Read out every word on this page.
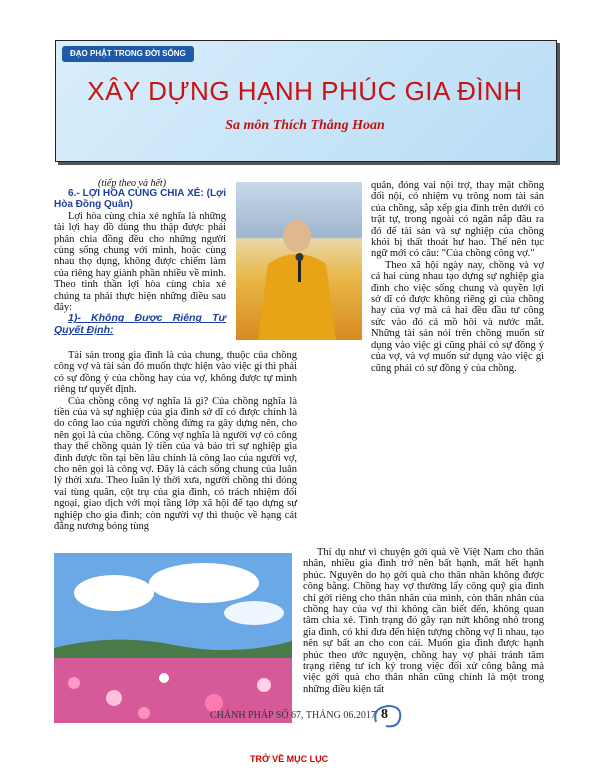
ĐẠO PHẬT TRONG ĐỜI SỐNG
XÂY DỰNG HẠNH PHÚC GIA ĐÌNH
Sa môn Thích Thắng Hoan
(tiếp theo và hết)

6.- LỢI HÒA CÙNG CHIA XẺ: (Lợi Hòa Đồng Quân)

Lợi hòa cùng chia xẻ nghĩa là những tài lợi hay đồ dùng thu thập được phải phân chia đồng đều cho những người cùng sống chung với mình, hoặc cùng nhau thọ dụng, không được chiếm làm của riêng hay giành phần nhiều về mình. Theo tinh thần lợi hòa cùng chia xẻ chúng ta phải thực hiện những điều sau đây:

1)- Không Được Riêng Tư Quyết Định:

Tài sản trong gia đình là của chung, thuộc của chồng công vợ và tài sản đó muốn thực hiện vào việc gì thì phải có sự đồng ý của chồng hay của vợ, không được tự mình riêng tư quyết định.

Của chồng công vợ nghĩa là gì? Của chồng nghĩa là tiền của và sự nghiệp của gia đình sở dĩ có được chính là do công lao của người chồng đứng ra gây dựng nên, cho nên gọi là của chồng. Công vợ nghĩa là người vợ có công thay thế chồng quản lý tiền của và bảo trì sự nghiệp gia đình được tồn tại bền lâu chính là công lao của người vợ, cho nên gọi là công vợ. Đây là cách sống chung của luân lý thời xưa. Theo luân lý thời xưa, người chồng thì đóng vai tùng quân, cột trụ của gia đình, có trách nhiệm đối ngoại, giao dịch với mọi tầng lớp xã hội để tạo dựng sự nghiệp cho gia đình; còn người vợ thì thuộc về hạng cát đằng nương bóng tùng

quân, đóng vai nội trợ, thay mặt chồng đối nội, có nhiệm vụ trông nom tài sản của chồng, sắp xếp gia đình trên dưới có trật tự, trong ngoài có ngăn nắp đâu ra đó để tài sản và sự nghiệp của chồng khỏi bị thất thoát hư hao. Thế nên tục ngữ mới có câu: "Của chồng công vợ."

Theo xã hội ngày nay, chồng và vợ cả hai cùng nhau tạo dựng sự nghiệp gia đình cho việc sống chung và quyền lợi sở dĩ có được không riêng gì của chồng hay của vợ mà cả hai đều đầu tư công sức vào đó cả mồ hôi và nước mắt. Những tài sản nói trên chồng muốn sử dụng vào việc gì cũng phải có sự đồng ý của vợ, và vợ muốn sử dụng vào việc gì cũng phải có sự đồng ý của chồng.

Thí dụ như vì chuyện gởi quà về Việt Nam cho thân nhân, nhiều gia đình trở nên bất hạnh, mất hết hạnh phúc. Nguyên do họ gởi quà cho thân nhân không được công bằng. Chồng hay vợ thường lấy công quỹ gia đình chỉ gởi riêng cho thân nhân của mình, còn thân nhân của chồng hay của vợ thì không cần biết đến, không quan tâm chia xẻ. Tình trạng đó gây rạn nứt không nhỏ trong gia đình, có khi đưa đến hiện tượng chồng vợ lì nhau, tạo nên sự bất an cho con cái. Muốn gia đình được hạnh phúc theo ước nguyện, chồng hay vợ phải tránh tâm trạng riêng tư ích kỷ trong việc đối xử công bằng mà việc gởi quà cho thân nhân cũng chính là một trong những điều kiện tất

CHÁNH PHÁP SỐ 67, THÁNG 06.2017 8
TRỞ VỀ MỤC LỤC
